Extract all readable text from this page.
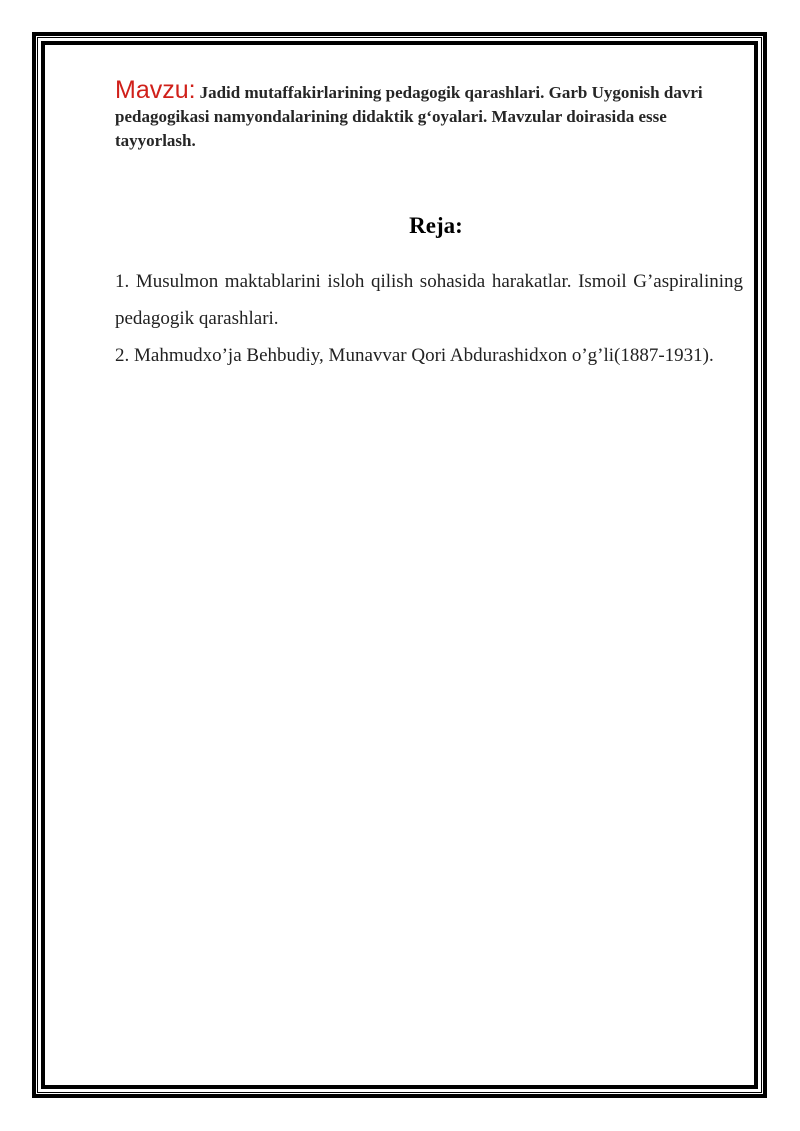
Mavzu: Jadid mutaffakirlarining pedagogik qarashlari. Garb Uygonish davri pedagogikasi namyondalarining didaktik g‘oyalari. Mavzular doirasida esse tayyorlash.

Reja:
1. Musulmon maktablarini isloh qilish sohasida harakatlar. Ismoil G’aspiralining pedagogik qarashlari.
2. Mahmudxo’ja Behbudiy, Munavvar Qori Abdurashidxon o’g’li(1887-1931).
